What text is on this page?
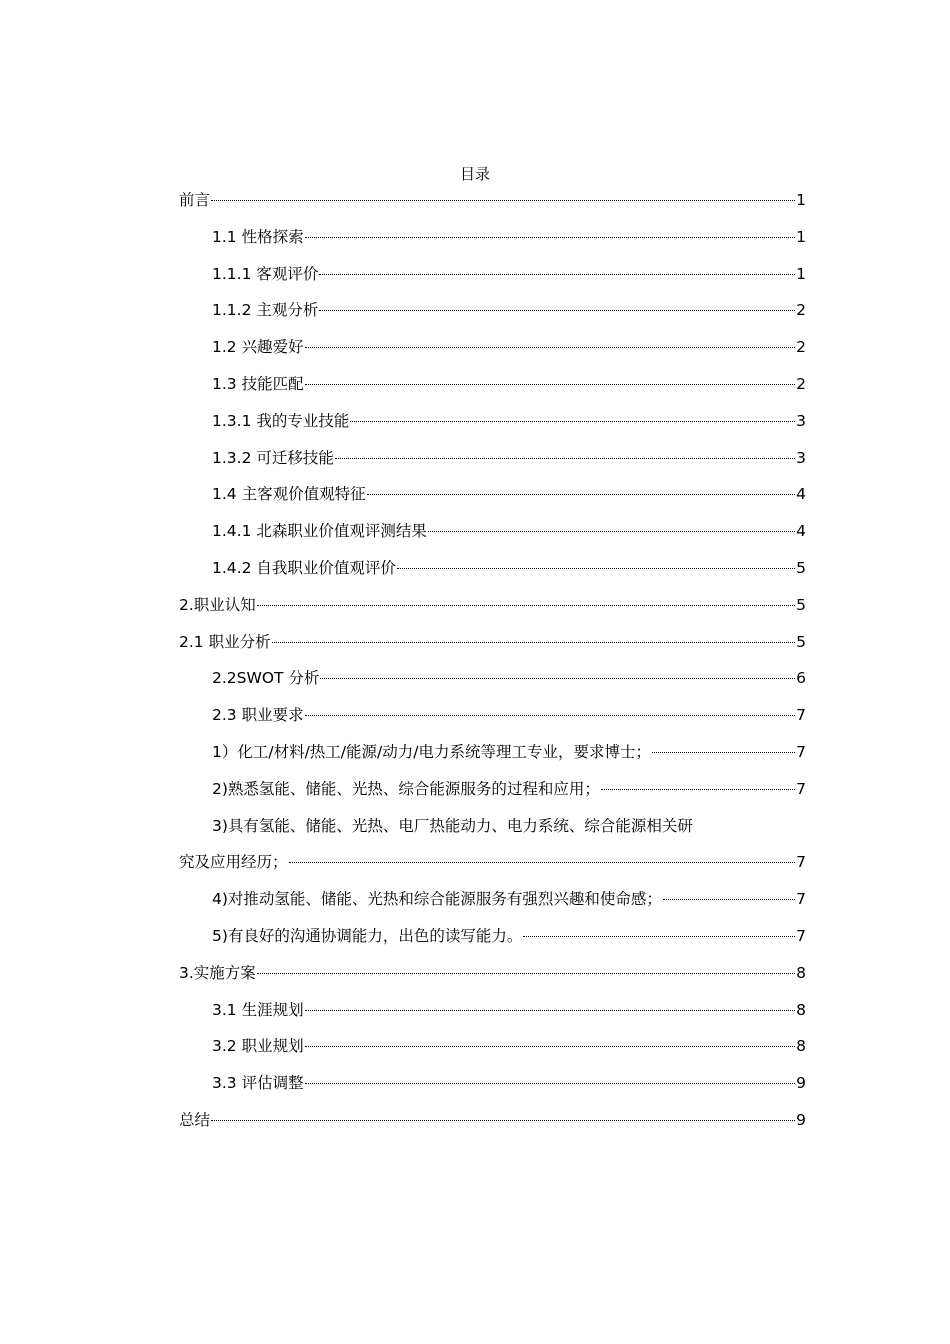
目录
前言	1
1.1 性格探索	1
1.1.1 客观评价	1
1.1.2 主观分析	2
1.2 兴趣爱好	2
1.3 技能匹配	2
1.3.1 我的专业技能	3
1.3.2 可迁移技能	3
1.4 主客观价值观特征	4
1.4.1 北森职业价值观评测结果	4
1.4.2 自我职业价值观评价	5
2.职业认知	5
2.1 职业分析	5
2.2SWOT 分析	6
2.3 职业要求	7
1）化工/材料/热工/能源/动力/电力系统等理工专业，要求博士；	7
2)熟悉氢能、储能、光热、综合能源服务的过程和应用；	7
3)具有氢能、储能、光热、电厂热能动力、电力系统、综合能源相关研
究及应用经历；	7
4)对推动氢能、储能、光热和综合能源服务有强烈兴趣和使命感；	7
5)有良好的沟通协调能力，出色的读写能力。	7
3.实施方案	8
3.1 生涯规划	8
3.2 职业规划	8
3.3 评估调整	9
总结	9
